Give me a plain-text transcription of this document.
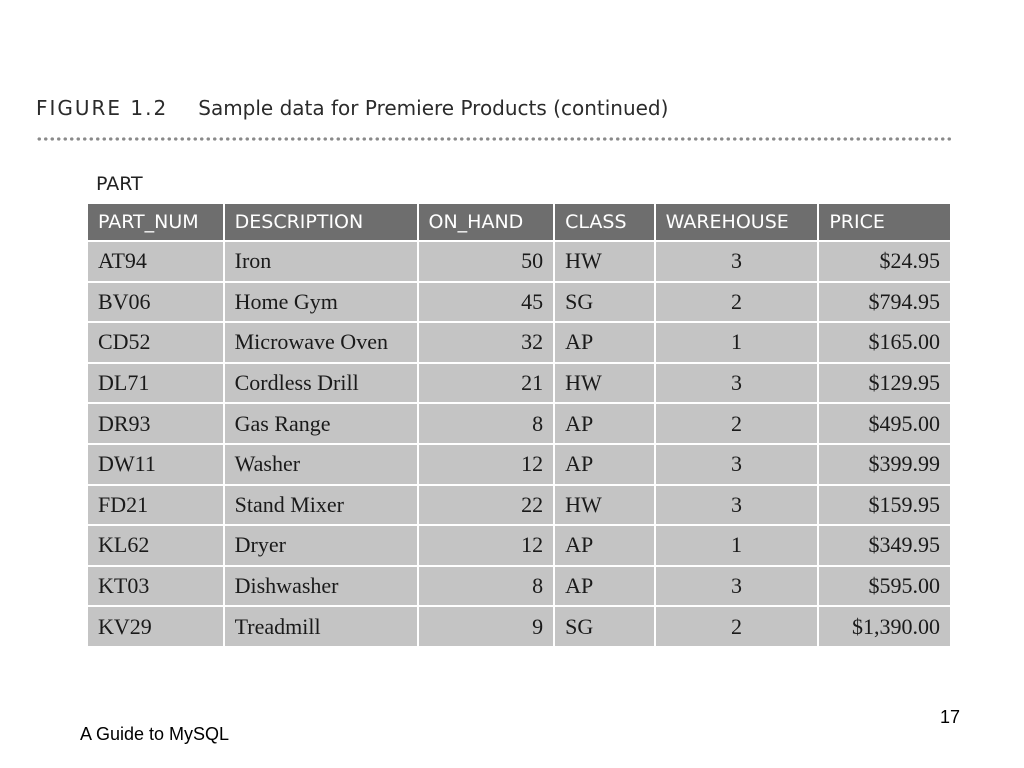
FIGURE 1.2 Sample data for Premiere Products (continued)
PART
PART_NUM	DESCRIPTION	ON_HAND	CLASS	WAREHOUSE	PRICE
AT94	Iron	50	HW	3	$24.95
BV06	Home Gym	45	SG	2	$794.95
CD52	Microwave Oven	32	AP	1	$165.00
DL71	Cordless Drill	21	HW	3	$129.95
DR93	Gas Range	8	AP	2	$495.00
DW11	Washer	12	AP	3	$399.99
FD21	Stand Mixer	22	HW	3	$159.95
KL62	Dryer	12	AP	1	$349.95
KT03	Dishwasher	8	AP	3	$595.00
KV29	Treadmill	9	SG	2	$1,390.00
A Guide to MySQL
17
